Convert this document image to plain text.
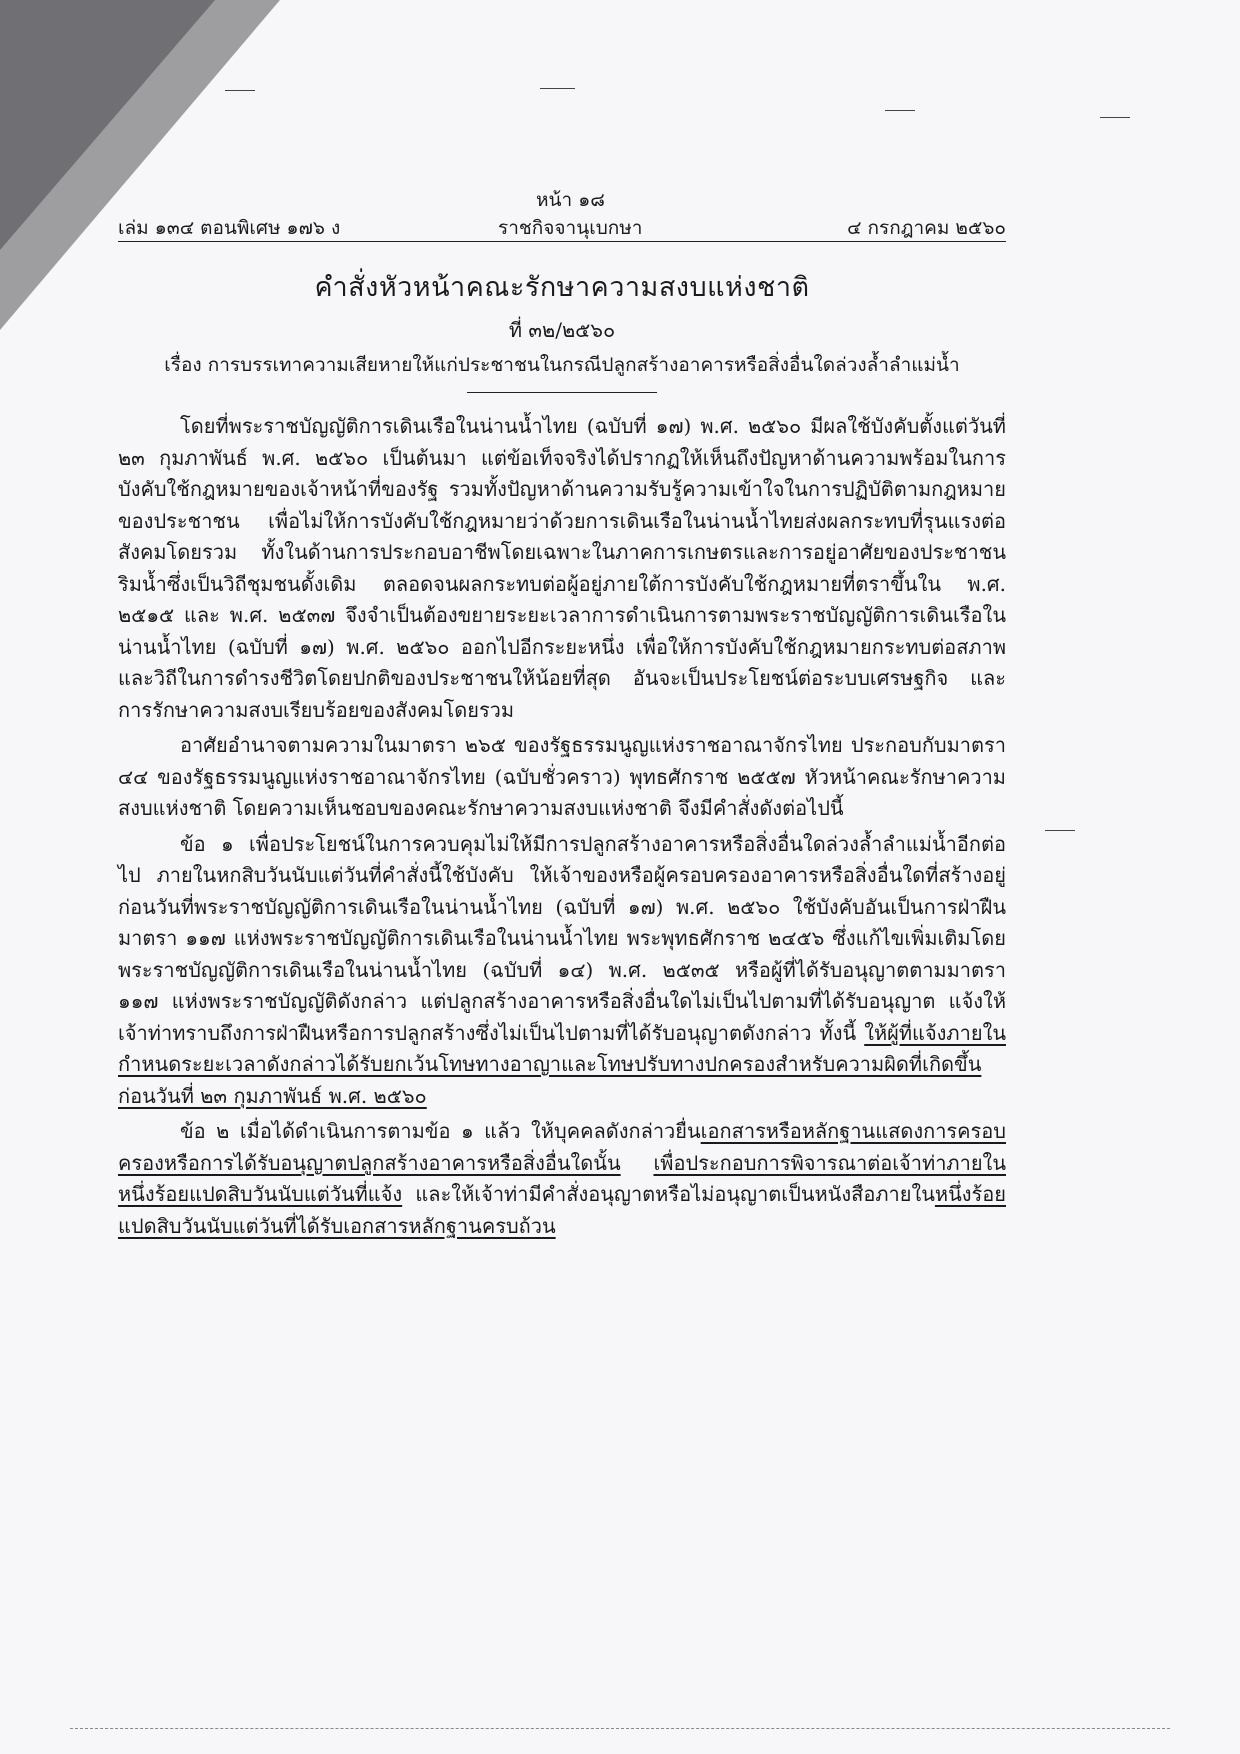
หน้า ๑๘
เล่ม ๑๓๔ ตอนพิเศษ ๑๗๖ ง	ราชกิจจานุเบกษา	๔ กรกฎาคม ๒๕๖๐
คำสั่งหัวหน้าคณะรักษาความสงบแห่งชาติ
ที่ ๓๒/๒๕๖๐
เรื่อง การบรรเทาความเสียหายให้แก่ประชาชนในกรณีปลูกสร้างอาคารหรือสิ่งอื่นใดล่วงล้ำลำแม่น้ำ

โดยที่พระราชบัญญัติการเดินเรือในน่านน้ำไทย (ฉบับที่ ๑๗) พ.ศ. ๒๕๖๐ มีผลใช้บังคับตั้งแต่วันที่ ๒๓ กุมภาพันธ์ พ.ศ. ๒๕๖๐ เป็นต้นมา แต่ข้อเท็จจริงได้ปรากฏให้เห็นถึงปัญหาด้านความพร้อมในการบังคับใช้กฎหมายของเจ้าหน้าที่ของรัฐ รวมทั้งปัญหาด้านความรับรู้ความเข้าใจในการปฏิบัติตามกฎหมายของประชาชน เพื่อไม่ให้การบังคับใช้กฎหมายว่าด้วยการเดินเรือในน่านน้ำไทยส่งผลกระทบที่รุนแรงต่อสังคมโดยรวม ทั้งในด้านการประกอบอาชีพโดยเฉพาะในภาคการเกษตรและการอยู่อาศัยของประชาชนริมน้ำซึ่งเป็นวิถีชุมชนดั้งเดิม ตลอดจนผลกระทบต่อผู้อยู่ภายใต้การบังคับใช้กฎหมายที่ตราขึ้นใน พ.ศ. ๒๕๑๕ และ พ.ศ. ๒๕๓๗ จึงจำเป็นต้องขยายระยะเวลาการดำเนินการตามพระราชบัญญัติการเดินเรือในน่านน้ำไทย (ฉบับที่ ๑๗) พ.ศ. ๒๕๖๐ ออกไปอีกระยะหนึ่ง เพื่อให้การบังคับใช้กฎหมายกระทบต่อสภาพและวิถีในการดำรงชีวิตโดยปกติของประชาชนให้น้อยที่สุด อันจะเป็นประโยชน์ต่อระบบเศรษฐกิจ และการรักษาความสงบเรียบร้อยของสังคมโดยรวม

อาศัยอำนาจตามความในมาตรา ๒๖๕ ของรัฐธรรมนูญแห่งราชอาณาจักรไทย ประกอบกับมาตรา ๔๔ ของรัฐธรรมนูญแห่งราชอาณาจักรไทย (ฉบับชั่วคราว) พุทธศักราช ๒๕๕๗ หัวหน้าคณะรักษาความสงบแห่งชาติ โดยความเห็นชอบของคณะรักษาความสงบแห่งชาติ จึงมีคำสั่งดังต่อไปนี้

ข้อ ๑ เพื่อประโยชน์ในการควบคุมไม่ให้มีการปลูกสร้างอาคารหรือสิ่งอื่นใดล่วงล้ำลำแม่น้ำอีกต่อไป ภายในหกสิบวันนับแต่วันที่คำสั่งนี้ใช้บังคับ ให้เจ้าของหรือผู้ครอบครองอาคารหรือสิ่งอื่นใดที่สร้างอยู่ก่อนวันที่พระราชบัญญัติการเดินเรือในน่านน้ำไทย (ฉบับที่ ๑๗) พ.ศ. ๒๕๖๐ ใช้บังคับอันเป็นการฝ่าฝืนมาตรา ๑๑๗ แห่งพระราชบัญญัติการเดินเรือในน่านน้ำไทย พระพุทธศักราช ๒๔๕๖ ซึ่งแก้ไขเพิ่มเติมโดยพระราชบัญญัติการเดินเรือในน่านน้ำไทย (ฉบับที่ ๑๔) พ.ศ. ๒๕๓๕ หรือผู้ที่ได้รับอนุญาตตามมาตรา ๑๑๗ แห่งพระราชบัญญัติดังกล่าว แต่ปลูกสร้างอาคารหรือสิ่งอื่นใดไม่เป็นไปตามที่ได้รับอนุญาต แจ้งให้เจ้าท่าทราบถึงการฝ่าฝืนหรือการปลูกสร้างซึ่งไม่เป็นไปตามที่ได้รับอนุญาตดังกล่าว ทั้งนี้ ให้ผู้ที่แจ้งภายในกำหนดระยะเวลาดังกล่าวได้รับยกเว้นโทษทางอาญาและโทษปรับทางปกครองสำหรับความผิดที่เกิดขึ้นก่อนวันที่ ๒๓ กุมภาพันธ์ พ.ศ. ๒๕๖๐

ข้อ ๒ เมื่อได้ดำเนินการตามข้อ ๑ แล้ว ให้บุคคลดังกล่าวยื่นเอกสารหรือหลักฐานแสดงการครอบครองหรือการได้รับอนุญาตปลูกสร้างอาคารหรือสิ่งอื่นใดนั้น เพื่อประกอบการพิจารณาต่อเจ้าท่าภายในหนึ่งร้อยแปดสิบวันนับแต่วันที่แจ้ง และให้เจ้าท่ามีคำสั่งอนุญาตหรือไม่อนุญาตเป็นหนังสือภายในหนึ่งร้อยแปดสิบวันนับแต่วันที่ได้รับเอกสารหลักฐานครบถ้วน
